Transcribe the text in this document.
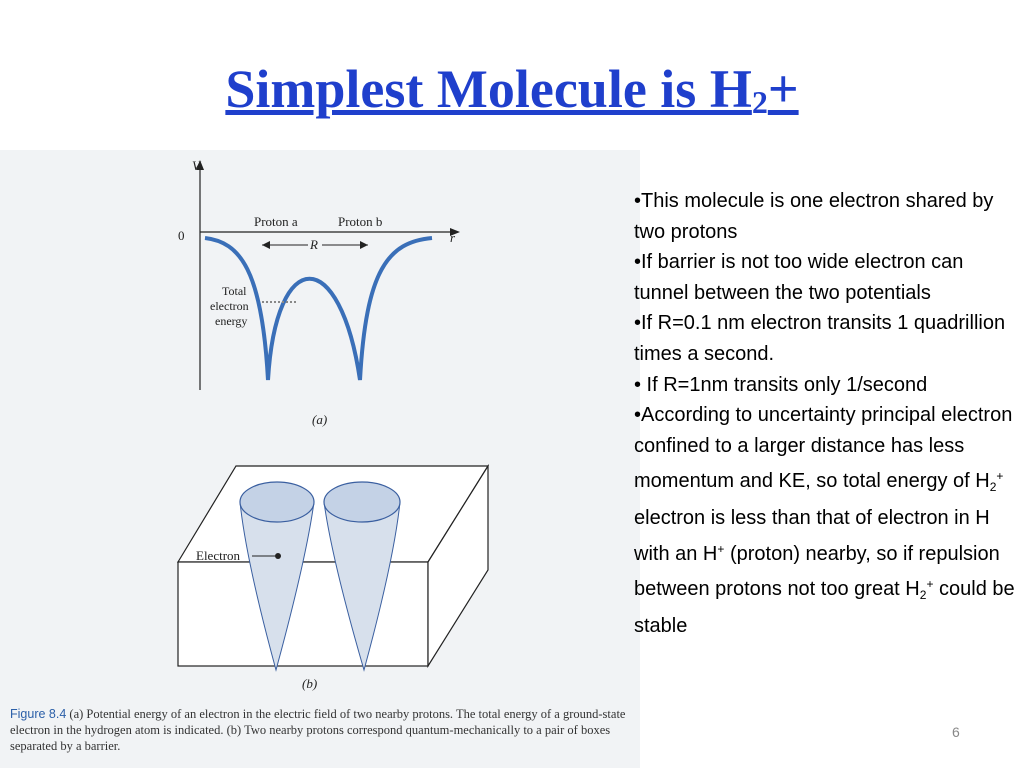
Simplest Molecule is $H_2+$
V
r
0
Proton a	Proton b
R
Total
electron
energy
(a)
Electron
(b)
Figure 8.4 (a) Potential energy of an electron in the electric field of two nearby protons. The total energy of a ground-state electron in the hydrogen atom is indicated. (b) Two nearby protons correspond quantum-mechanically to a pair of boxes separated by a barrier.

•This molecule is one electron shared by two protons

•If barrier is not too wide electron can tunnel between the two potentials

•If R=0.1 nm electron transits 1 quadrillion times a second.

• If R=1nm transits only 1/second

•According to uncertainty principal electron confined to a larger distance has less momentum and KE, so total energy of $H_2^+$ electron is less than that of electron in H with an H+ (proton) nearby, so if repulsion between protons not too great $H_2^+$ could be stable

6
